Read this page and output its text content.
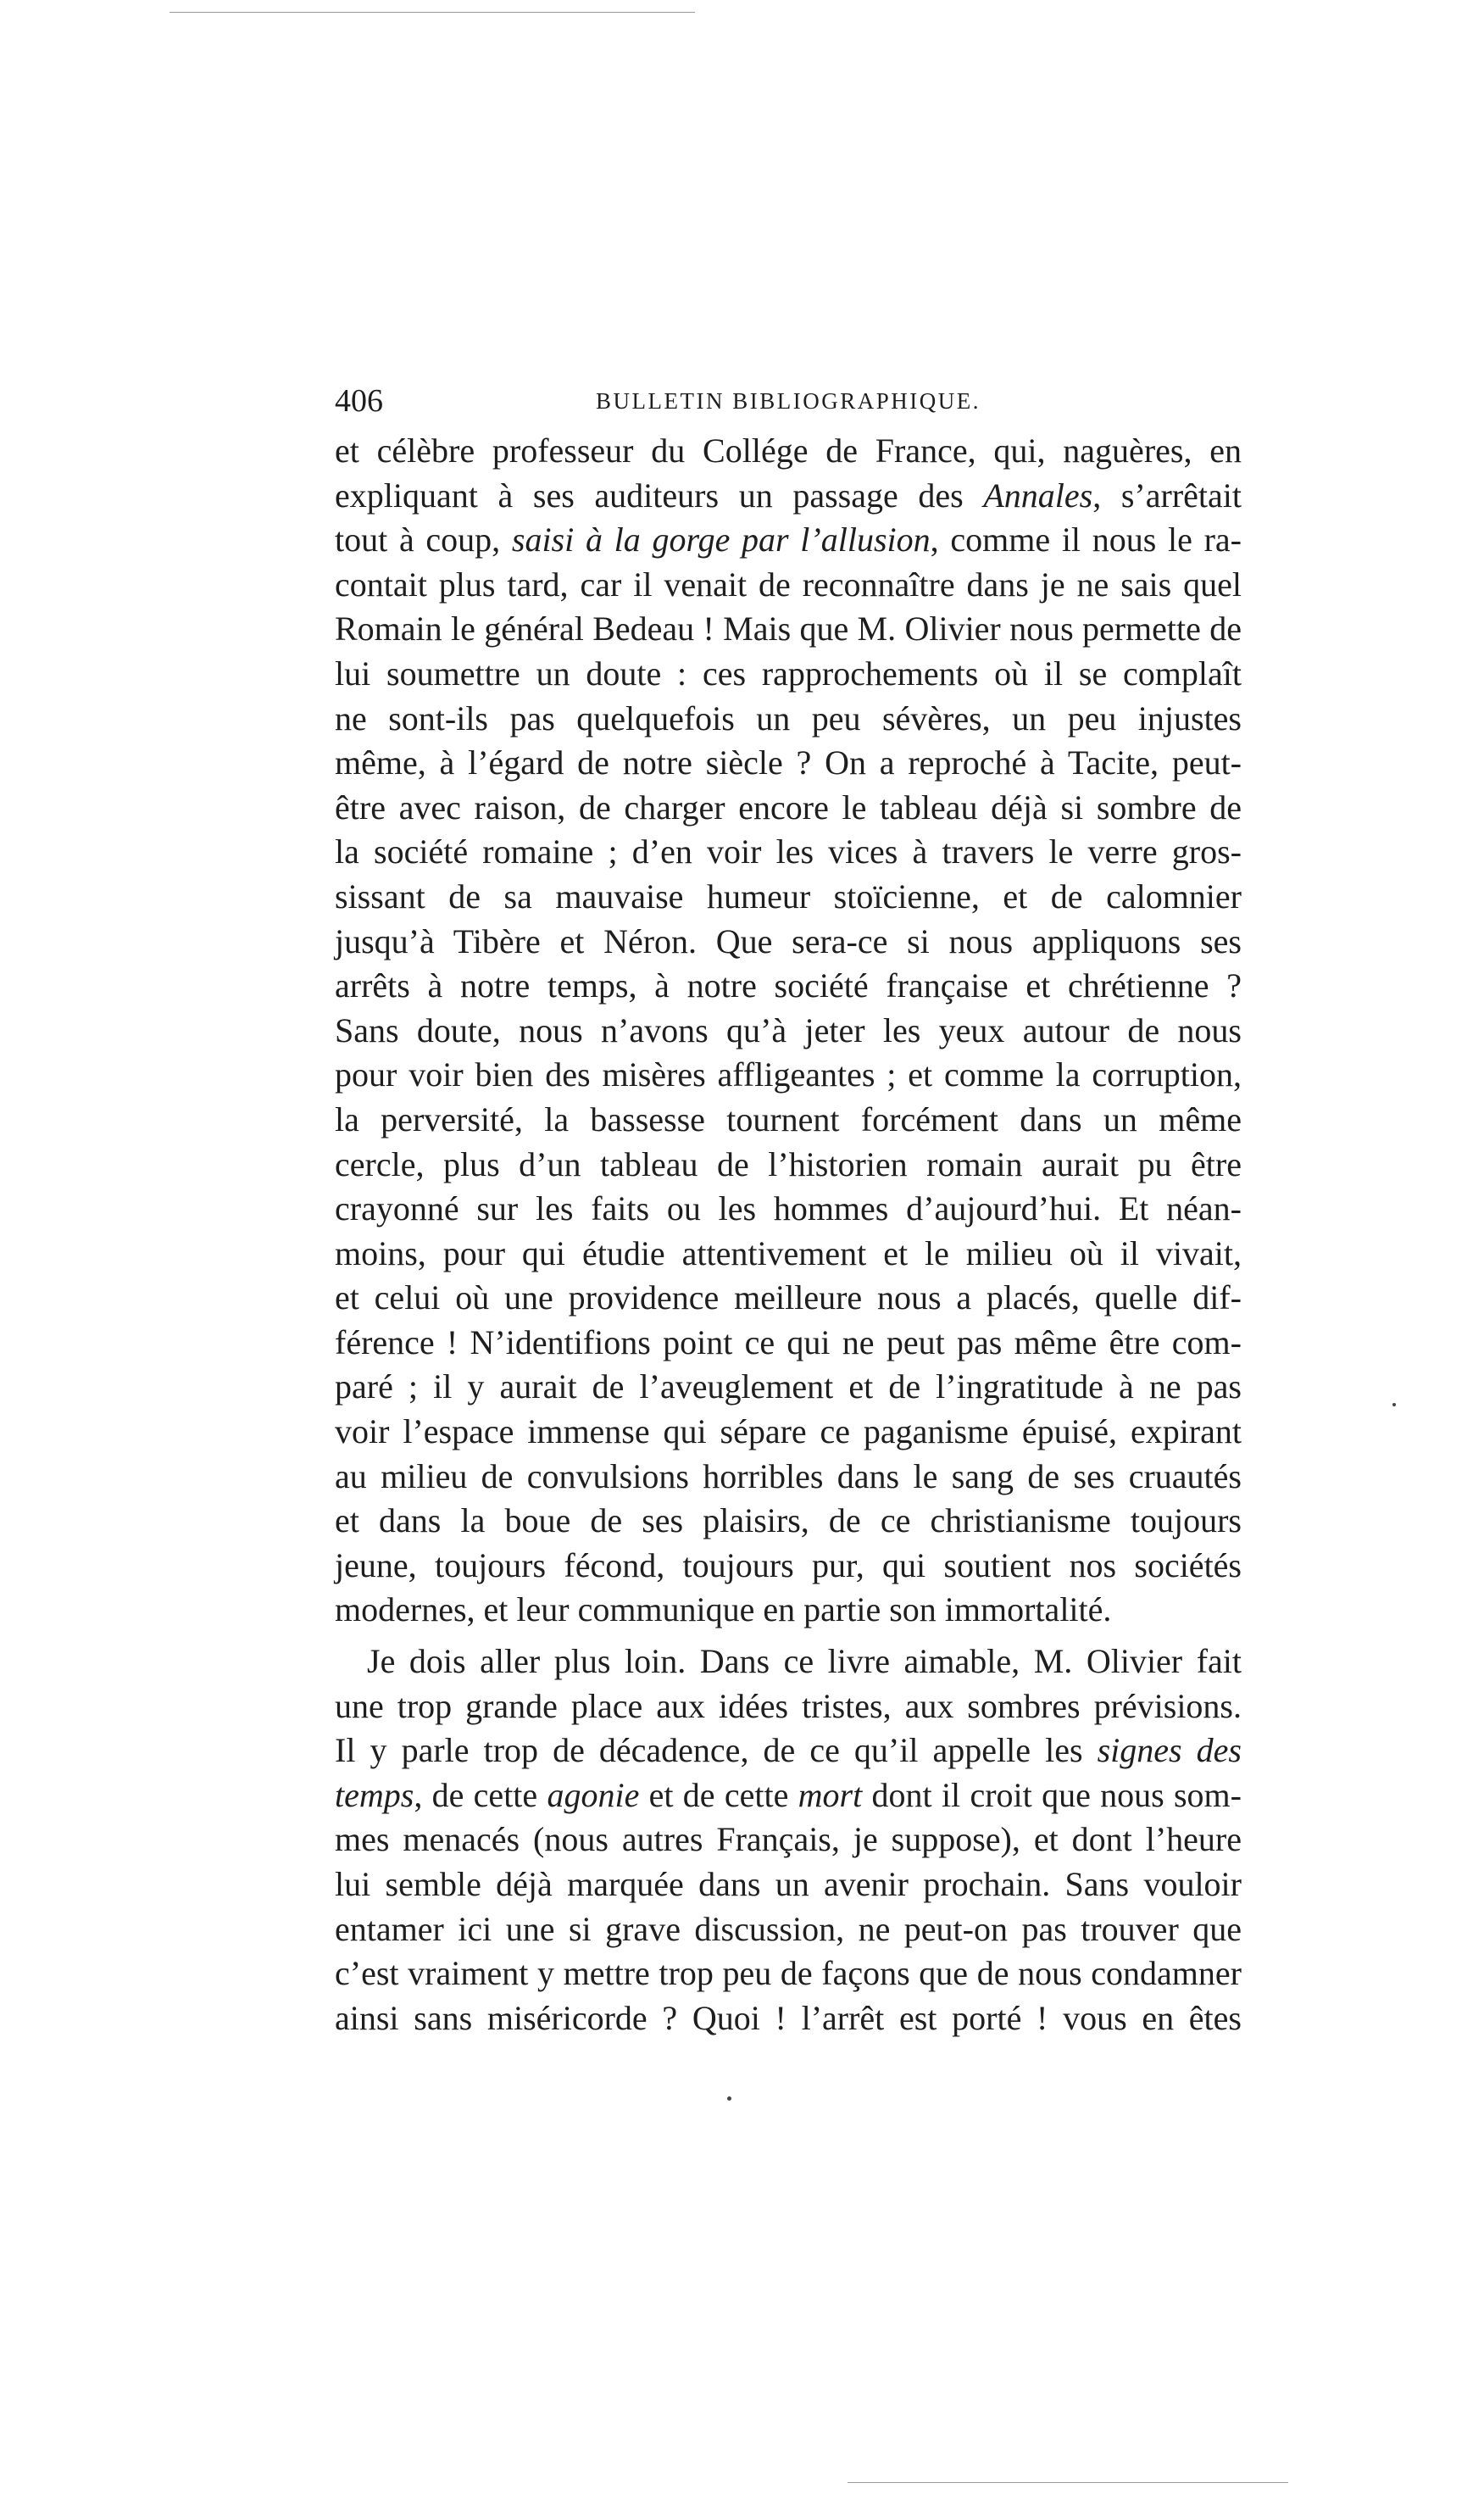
406	BULLETIN BIBLIOGRAPHIQUE.
et célèbre professeur du Collége de France, qui, naguères, en
expliquant à ses auditeurs un passage des Annales, s’arrêtait
tout à coup, saisi à la gorge par l’allusion, comme il nous le ra-
contait plus tard, car il venait de reconnaître dans je ne sais quel
Romain le général Bedeau ! Mais que M. Olivier nous permette de
lui soumettre un doute : ces rapprochements où il se complaît
ne sont-ils pas quelquefois un peu sévères, un peu injustes
même, à l’égard de notre siècle ? On a reproché à Tacite, peut-
être avec raison, de charger encore le tableau déjà si sombre de
la société romaine ; d’en voir les vices à travers le verre gros-
sissant de sa mauvaise humeur stoïcienne, et de calomnier
jusqu’à Tibère et Néron. Que sera-ce si nous appliquons ses
arrêts à notre temps, à notre société française et chrétienne ?
Sans doute, nous n’avons qu’à jeter les yeux autour de nous
pour voir bien des misères affligeantes ; et comme la corruption,
la perversité, la bassesse tournent forcément dans un même
cercle, plus d’un tableau de l’historien romain aurait pu être
crayonné sur les faits ou les hommes d’aujourd’hui. Et néan-
moins, pour qui étudie attentivement et le milieu où il vivait,
et celui où une providence meilleure nous a placés, quelle dif-
férence ! N’identifions point ce qui ne peut pas même être com-
paré ; il y aurait de l’aveuglement et de l’ingratitude à ne pas
voir l’espace immense qui sépare ce paganisme épuisé, expirant
au milieu de convulsions horribles dans le sang de ses cruautés
et dans la boue de ses plaisirs, de ce christianisme toujours
jeune, toujours fécond, toujours pur, qui soutient nos sociétés
modernes, et leur communique en partie son immortalité.
Je dois aller plus loin. Dans ce livre aimable, M. Olivier fait
une trop grande place aux idées tristes, aux sombres prévisions.
Il y parle trop de décadence, de ce qu’il appelle les signes des
temps, de cette agonie et de cette mort dont il croit que nous som-
mes menacés (nous autres Français, je suppose), et dont l’heure
lui semble déjà marquée dans un avenir prochain. Sans vouloir
entamer ici une si grave discussion, ne peut-on pas trouver que
c’est vraiment y mettre trop peu de façons que de nous condamner
ainsi sans miséricorde ? Quoi ! l’arrêt est porté ! vous en êtes
